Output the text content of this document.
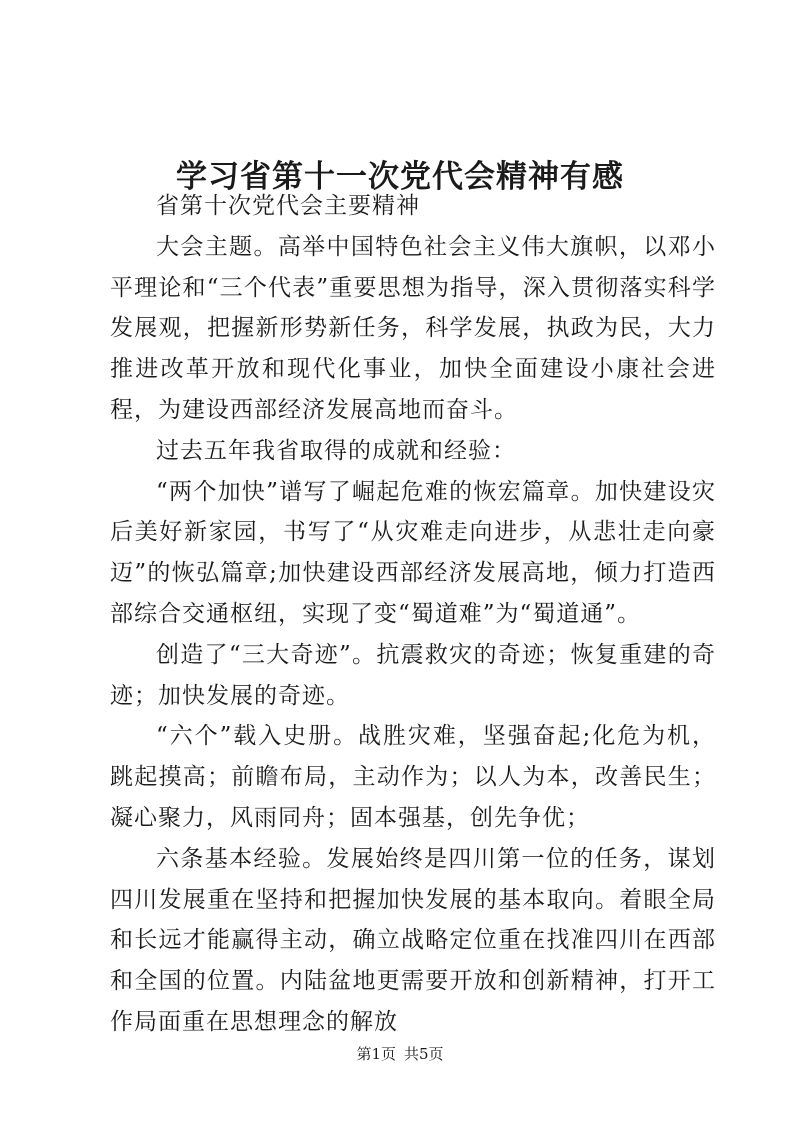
学习省第十一次党代会精神有感

省第十次党代会主要精神

大会主题。高举中国特色社会主义伟大旗帜，以邓小平理论和“三个代表”重要思想为指导，深入贯彻落实科学发展观，把握新形势新任务，科学发展，执政为民，大力推进改革开放和现代化事业，加快全面建设小康社会进程，为建设西部经济发展高地而奋斗。

过去五年我省取得的成就和经验：

“两个加快”谱写了崛起危难的恢宏篇章。加快建设灾后美好新家园，书写了“从灾难走向进步，从悲壮走向豪迈”的恢弘篇章;加快建设西部经济发展高地，倾力打造西部综合交通枢纽，实现了变“蜀道难”为“蜀道通”。

创造了“三大奇迹”。抗震救灾的奇迹；恢复重建的奇迹；加快发展的奇迹。

“六个”载入史册。战胜灾难，坚强奋起;化危为机，跳起摸高；前瞻布局，主动作为；以人为本，改善民生；凝心聚力，风雨同舟；固本强基，创先争优；

六条基本经验。发展始终是四川第一位的任务，谋划四川发展重在坚持和把握加快发展的基本取向。着眼全局和长远才能赢得主动，确立战略定位重在找准四川在西部和全国的位置。内陆盆地更需要开放和创新精神，打开工作局面重在思想理念的解放

第1页 共5页
